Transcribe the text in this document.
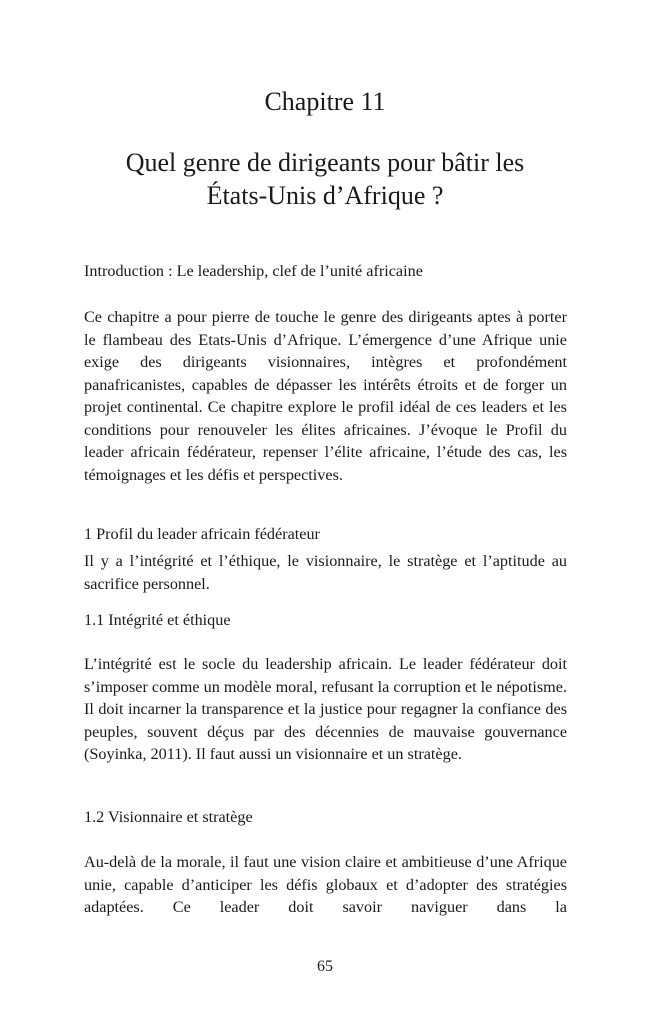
Chapitre 11
Quel genre de dirigeants pour bâtir les
États-Unis d’Afrique ?
Introduction : Le leadership, clef de l’unité africaine

Ce chapitre a pour pierre de touche le genre des dirigeants aptes à porter le flambeau des Etats-Unis d’Afrique. L’émergence d’une Afrique unie exige des dirigeants visionnaires, intègres et profondément panafricanistes, capables de dépasser les intérêts étroits et de forger un projet continental. Ce chapitre explore le profil idéal de ces leaders et les conditions pour renouveler les élites africaines. J’évoque le Profil du leader africain fédérateur, repenser l’élite africaine, l’étude des cas, les témoignages et les défis et perspectives.

1 Profil du leader africain fédérateur

Il y a l’intégrité et l’éthique, le visionnaire, le stratège et l’aptitude au sacrifice personnel.

1.1 Intégrité et éthique

L’intégrité est le socle du leadership africain. Le leader fédérateur doit s’imposer comme un modèle moral, refusant la corruption et le népotisme. Il doit incarner la transparence et la justice pour regagner la confiance des peuples, souvent déçus par des décennies de mauvaise gouvernance (Soyinka, 2011). Il faut aussi un visionnaire et un stratège.

1.2 Visionnaire et stratège

Au-delà de la morale, il faut une vision claire et ambitieuse d’une Afrique unie, capable d’anticiper les défis globaux et d’adopter des stratégies adaptées. Ce leader doit savoir naviguer dans la

65
